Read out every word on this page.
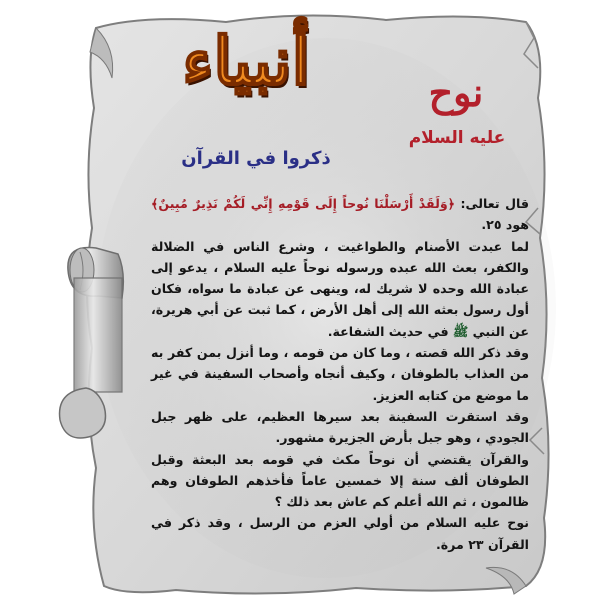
أنبياء
ذكروا في القرآن
نوح
عليه السلام

قال تعالى: ﴿وَلَقَدْ أَرْسَلْنَا نُوحاً إِلَى قَوْمِهِ إِنِّي لَكُمْ نَذِيرٌ مُبِينٌ﴾هود ٢٥.

لما عبدت الأصنام والطواغيت ، وشرع الناس في الضلالة والكفر، بعث الله عبده ورسوله نوحاً عليه السلام ، يدعو إلى عبادة الله وحده لا شريك له، وينهى عن عبادة ما سواه، فكان أول رسول بعثه الله إلى أهل الأرض ، كما ثبت عن أبي هريرة، عن النبي ﷺ في حديث الشفاعة.

وقد ذكر الله قصته ، وما كان من قومه ، وما أنزل بمن كفر به من العذاب بالطوفان ، وكيف أنجاه وأصحاب السفينة في غير ما موضع من كتابه العزيز.

وقد استقرت السفينة بعد سيرها العظيم، على ظهر جبل الجودي ، وهو جبل بأرض الجزيرة مشهور.

والقرآن يقتضي أن نوحاً مكث في قومه بعد البعثة وقبل الطوفان ألف سنة إلا خمسين عاماً فأخذهم الطوفان وهم ظالمون ، ثم الله أعلم كم عاش بعد ذلك ؟

نوح عليه السلام من أولي العزم من الرسل ، وقد ذكر في القرآن ٢٣ مرة.
